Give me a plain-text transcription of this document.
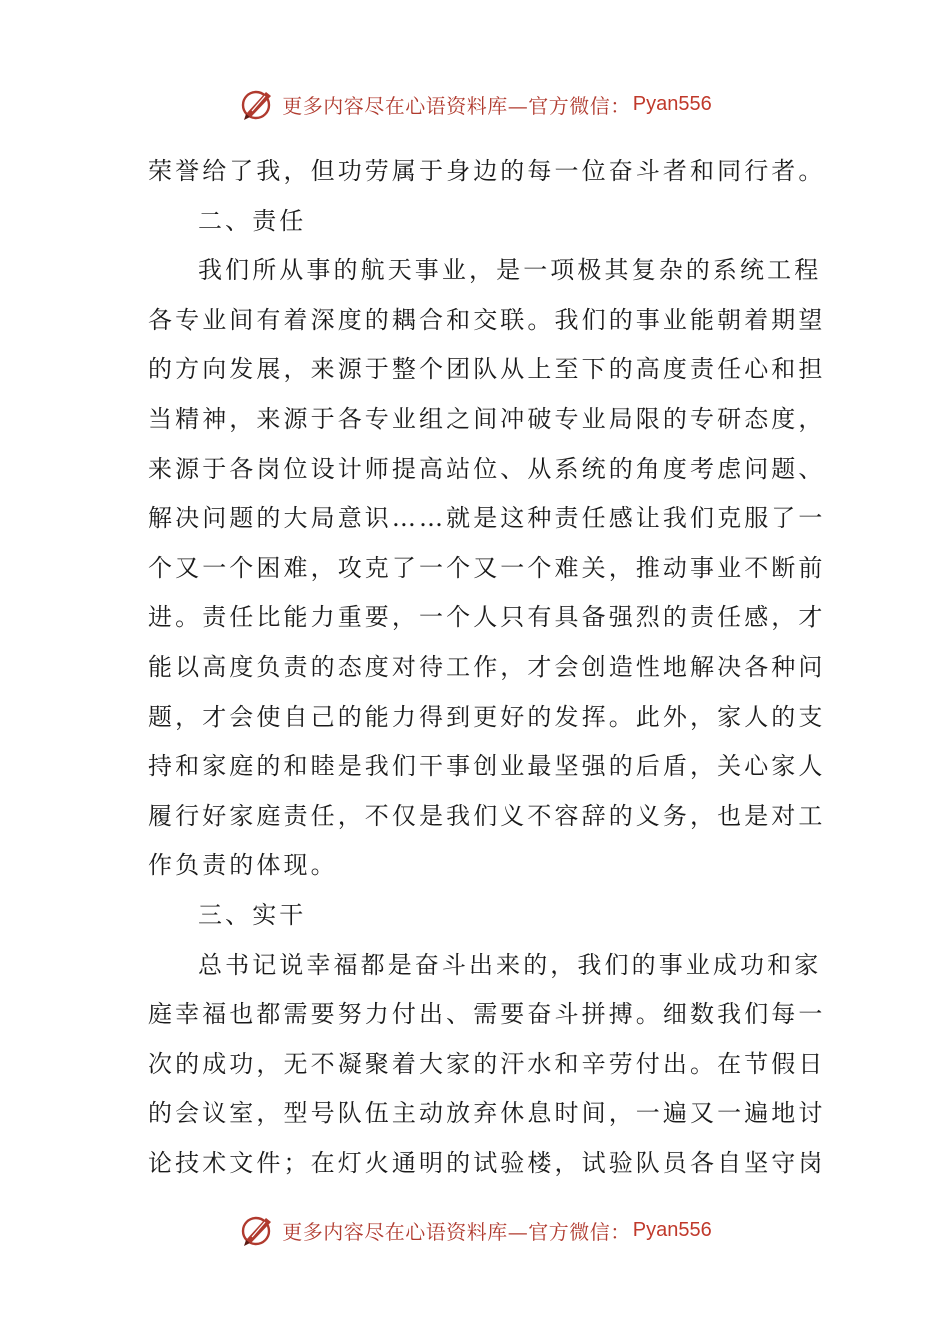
更多内容尽在心语资料库—官方微信： Pyan556
荣誉给了我，但功劳属于身边的每一位奋斗者和同行者。
二、责任
我们所从事的航天事业，是一项极其复杂的系统工程
各专业间有着深度的耦合和交联。我们的事业能朝着期望
的方向发展，来源于整个团队从上至下的高度责任心和担
当精神，来源于各专业组之间冲破专业局限的专研态度，
来源于各岗位设计师提高站位、从系统的角度考虑问题、
解决问题的大局意识……就是这种责任感让我们克服了一
个又一个困难，攻克了一个又一个难关，推动事业不断前
进。责任比能力重要，一个人只有具备强烈的责任感，才
能以高度负责的态度对待工作，才会创造性地解决各种问
题，才会使自己的能力得到更好的发挥。此外，家人的支
持和家庭的和睦是我们干事创业最坚强的后盾，关心家人
履行好家庭责任，不仅是我们义不容辞的义务，也是对工
作负责的体现。
三、实干
总书记说幸福都是奋斗出来的，我们的事业成功和家
庭幸福也都需要努力付出、需要奋斗拼搏。细数我们每一
次的成功，无不凝聚着大家的汗水和辛劳付出。在节假日
的会议室，型号队伍主动放弃休息时间，一遍又一遍地讨
论技术文件；在灯火通明的试验楼，试验队员各自坚守岗
更多内容尽在心语资料库—官方微信： Pyan556
